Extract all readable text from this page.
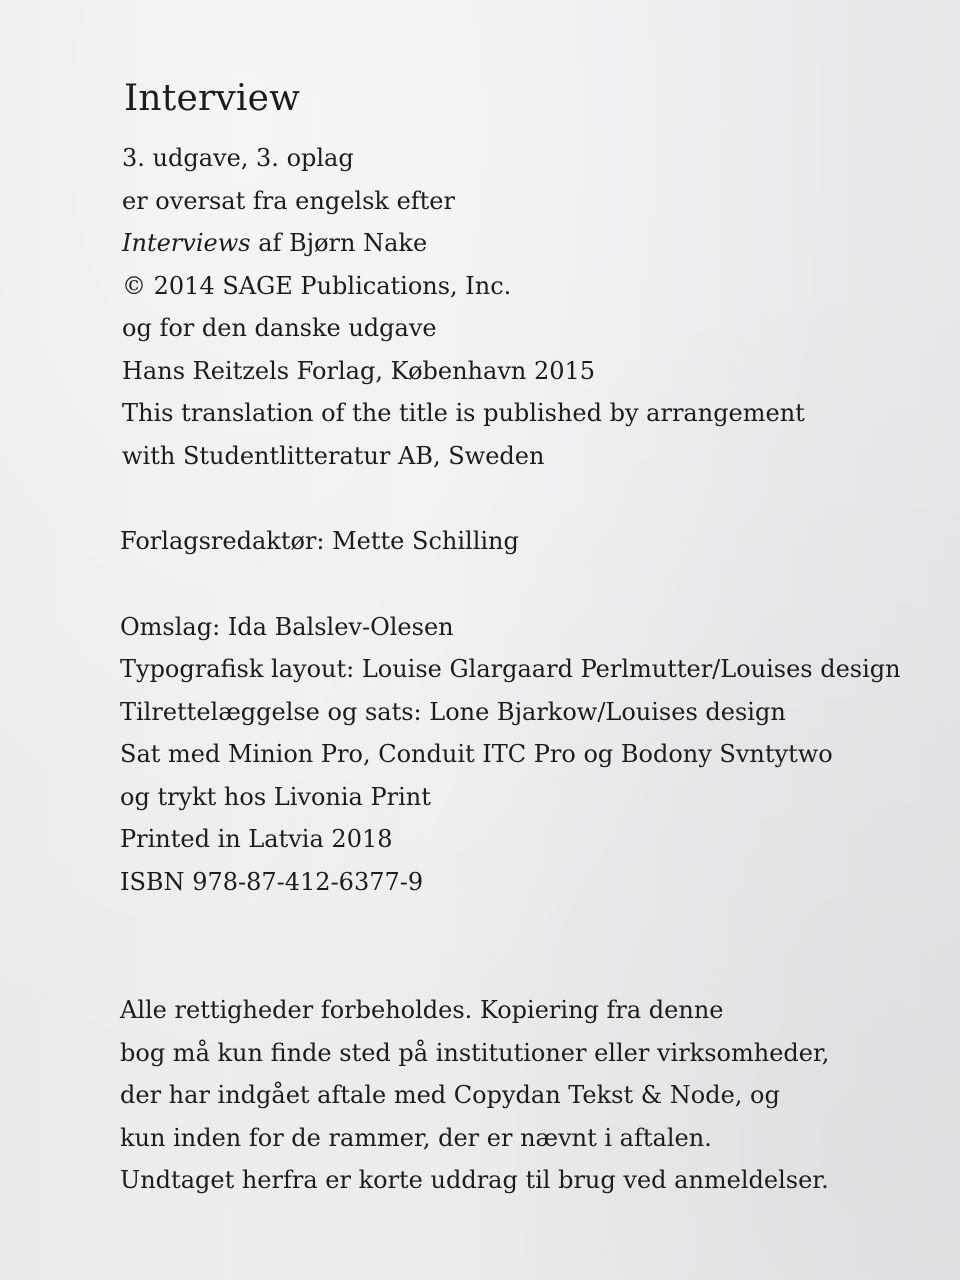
Interview
3. udgave, 3. oplag
er oversat fra engelsk efter
Interviews af Bjørn Nake
© 2014 SAGE Publications, Inc.
og for den danske udgave
Hans Reitzels Forlag, København 2015
This translation of the title is published by arrangement
with Studentlitteratur AB, Sweden
Forlagsredaktør: Mette Schilling
Omslag: Ida Balslev-Olesen
Typografisk layout: Louise Glargaard Perlmutter/Louises design
Tilrettelæggelse og sats: Lone Bjarkow/Louises design
Sat med Minion Pro, Conduit ITC Pro og Bodony Svntytwo
og trykt hos Livonia Print
Printed in Latvia 2018
ISBN 978-87-412-6377-9
Alle rettigheder forbeholdes. Kopiering fra denne
bog må kun finde sted på institutioner eller virksomheder,
der har indgået aftale med Copydan Tekst & Node, og
kun inden for de rammer, der er nævnt i aftalen.
Undtaget herfra er korte uddrag til brug ved anmeldelser.
